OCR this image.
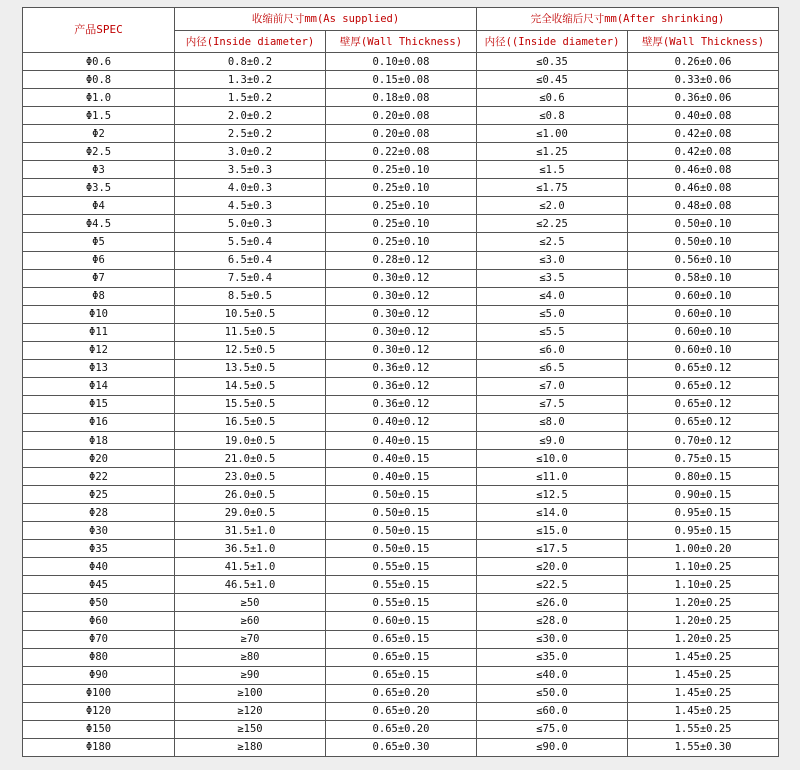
产品SPEC	收缩前尺寸mm(As supplied)		完全收缩后尺寸mm(After shrinking)	
	内径(Inside diameter)	壁厚(Wall Thickness)	内径((Inside diameter)	壁厚(Wall Thickness)
Φ0.6	0.8±0.2	0.10±0.08	≤0.35	0.26±0.06
Φ0.8	1.3±0.2	0.15±0.08	≤0.45	0.33±0.06
Φ1.0	1.5±0.2	0.18±0.08	≤0.6	0.36±0.06
Φ1.5	2.0±0.2	0.20±0.08	≤0.8	0.40±0.08
Φ2	2.5±0.2	0.20±0.08	≤1.00	0.42±0.08
Φ2.5	3.0±0.2	0.22±0.08	≤1.25	0.42±0.08
Φ3	3.5±0.3	0.25±0.10	≤1.5	0.46±0.08
Φ3.5	4.0±0.3	0.25±0.10	≤1.75	0.46±0.08
Φ4	4.5±0.3	0.25±0.10	≤2.0	0.48±0.08
Φ4.5	5.0±0.3	0.25±0.10	≤2.25	0.50±0.10
Φ5	5.5±0.4	0.25±0.10	≤2.5	0.50±0.10
Φ6	6.5±0.4	0.28±0.12	≤3.0	0.56±0.10
Φ7	7.5±0.4	0.30±0.12	≤3.5	0.58±0.10
Φ8	8.5±0.5	0.30±0.12	≤4.0	0.60±0.10
Φ10	10.5±0.5	0.30±0.12	≤5.0	0.60±0.10
Φ11	11.5±0.5	0.30±0.12	≤5.5	0.60±0.10
Φ12	12.5±0.5	0.30±0.12	≤6.0	0.60±0.10
Φ13	13.5±0.5	0.36±0.12	≤6.5	0.65±0.12
Φ14	14.5±0.5	0.36±0.12	≤7.0	0.65±0.12
Φ15	15.5±0.5	0.36±0.12	≤7.5	0.65±0.12
Φ16	16.5±0.5	0.40±0.12	≤8.0	0.65±0.12
Φ18	19.0±0.5	0.40±0.15	≤9.0	0.70±0.12
Φ20	21.0±0.5	0.40±0.15	≤10.0	0.75±0.15
Φ22	23.0±0.5	0.40±0.15	≤11.0	0.80±0.15
Φ25	26.0±0.5	0.50±0.15	≤12.5	0.90±0.15
Φ28	29.0±0.5	0.50±0.15	≤14.0	0.95±0.15
Φ30	31.5±1.0	0.50±0.15	≤15.0	0.95±0.15
Φ35	36.5±1.0	0.50±0.15	≤17.5	1.00±0.20
Φ40	41.5±1.0	0.55±0.15	≤20.0	1.10±0.25
Φ45	46.5±1.0	0.55±0.15	≤22.5	1.10±0.25
Φ50	≥50	0.55±0.15	≤26.0	1.20±0.25
Φ60	≥60	0.60±0.15	≤28.0	1.20±0.25
Φ70	≥70	0.65±0.15	≤30.0	1.20±0.25
Φ80	≥80	0.65±0.15	≤35.0	1.45±0.25
Φ90	≥90	0.65±0.15	≤40.0	1.45±0.25
Φ100	≥100	0.65±0.20	≤50.0	1.45±0.25
Φ120	≥120	0.65±0.20	≤60.0	1.45±0.25
Φ150	≥150	0.65±0.20	≤75.0	1.55±0.25
Φ180	≥180	0.65±0.30	≤90.0	1.55±0.30
